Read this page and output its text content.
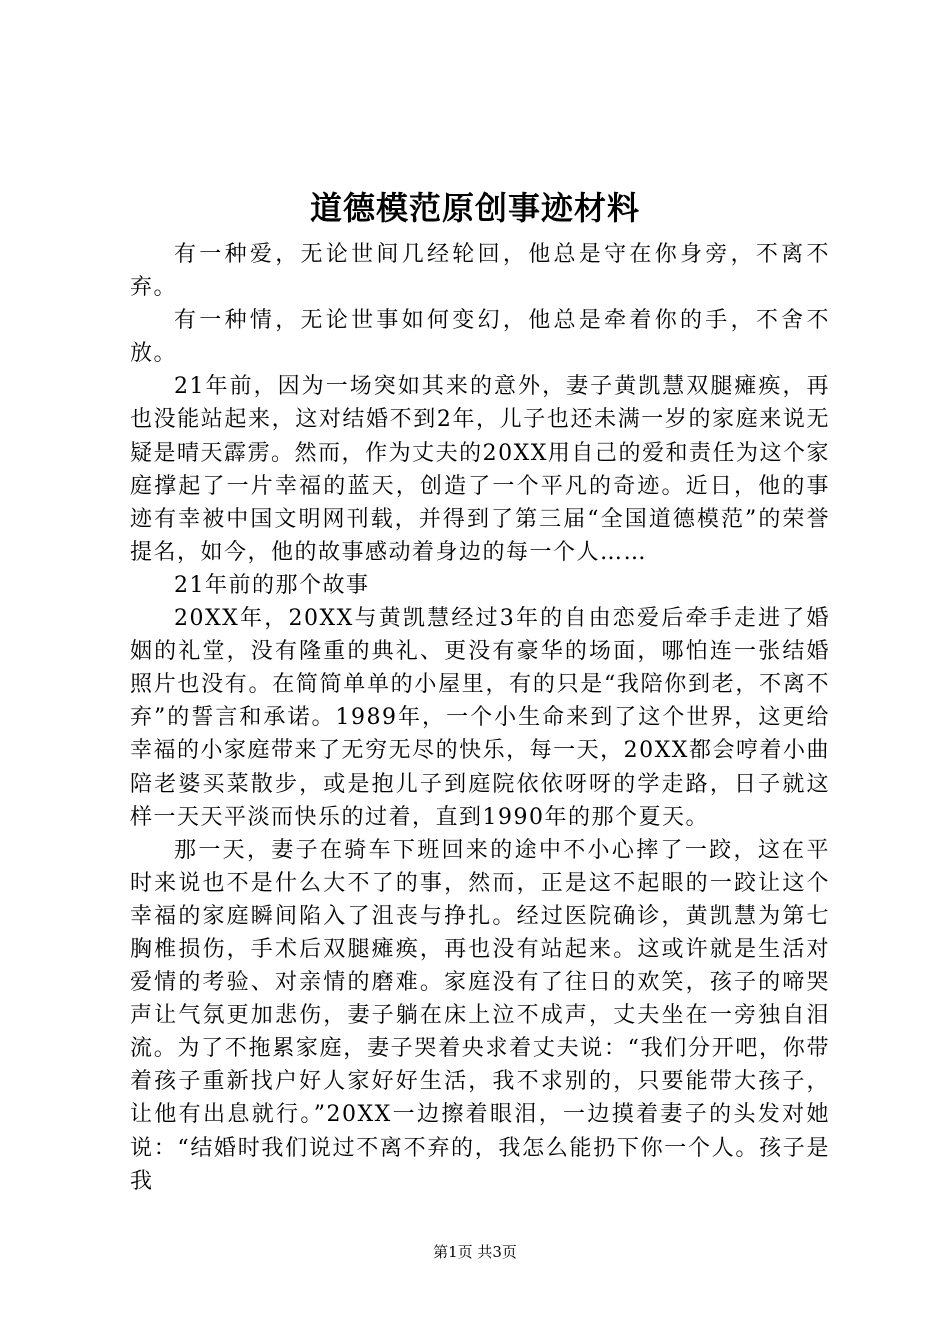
道德模范原创事迹材料

有一种爱，无论世间几经轮回，他总是守在你身旁，不离不弃。

有一种情，无论世事如何变幻，他总是牵着你的手，不舍不放。

21年前，因为一场突如其来的意外，妻子黄凯慧双腿瘫痪，再也没能站起来，这对结婚不到2年，儿子也还未满一岁的家庭来说无疑是晴天霹雳。然而，作为丈夫的20XX用自己的爱和责任为这个家庭撑起了一片幸福的蓝天，创造了一个平凡的奇迹。近日，他的事迹有幸被中国文明网刊载，并得到了第三届“全国道德模范”的荣誉提名，如今，他的故事感动着身边的每一个人……

21年前的那个故事

20XX年，20XX与黄凯慧经过3年的自由恋爱后牵手走进了婚姻的礼堂，没有隆重的典礼、更没有豪华的场面，哪怕连一张结婚照片也没有。在简简单单的小屋里，有的只是“我陪你到老，不离不弃”的誓言和承诺。1989年，一个小生命来到了这个世界，这更给幸福的小家庭带来了无穷无尽的快乐，每一天，20XX都会哼着小曲陪老婆买菜散步，或是抱儿子到庭院依依呀呀的学走路，日子就这样一天天平淡而快乐的过着，直到1990年的那个夏天。

那一天，妻子在骑车下班回来的途中不小心摔了一跤，这在平时来说也不是什么大不了的事，然而，正是这不起眼的一跤让这个幸福的家庭瞬间陷入了沮丧与挣扎。经过医院确诊，黄凯慧为第七胸椎损伤，手术后双腿瘫痪，再也没有站起来。这或许就是生活对爱情的考验、对亲情的磨难。家庭没有了往日的欢笑，孩子的啼哭声让气氛更加悲伤，妻子躺在床上泣不成声，丈夫坐在一旁独自泪流。为了不拖累家庭，妻子哭着央求着丈夫说：“我们分开吧，你带着孩子重新找户好人家好好生活，我不求别的，只要能带大孩子，让他有出息就行。”20XX一边擦着眼泪，一边摸着妻子的头发对她说：“结婚时我们说过不离不弃的，我怎么能扔下你一个人。孩子是我

第1页 共3页
